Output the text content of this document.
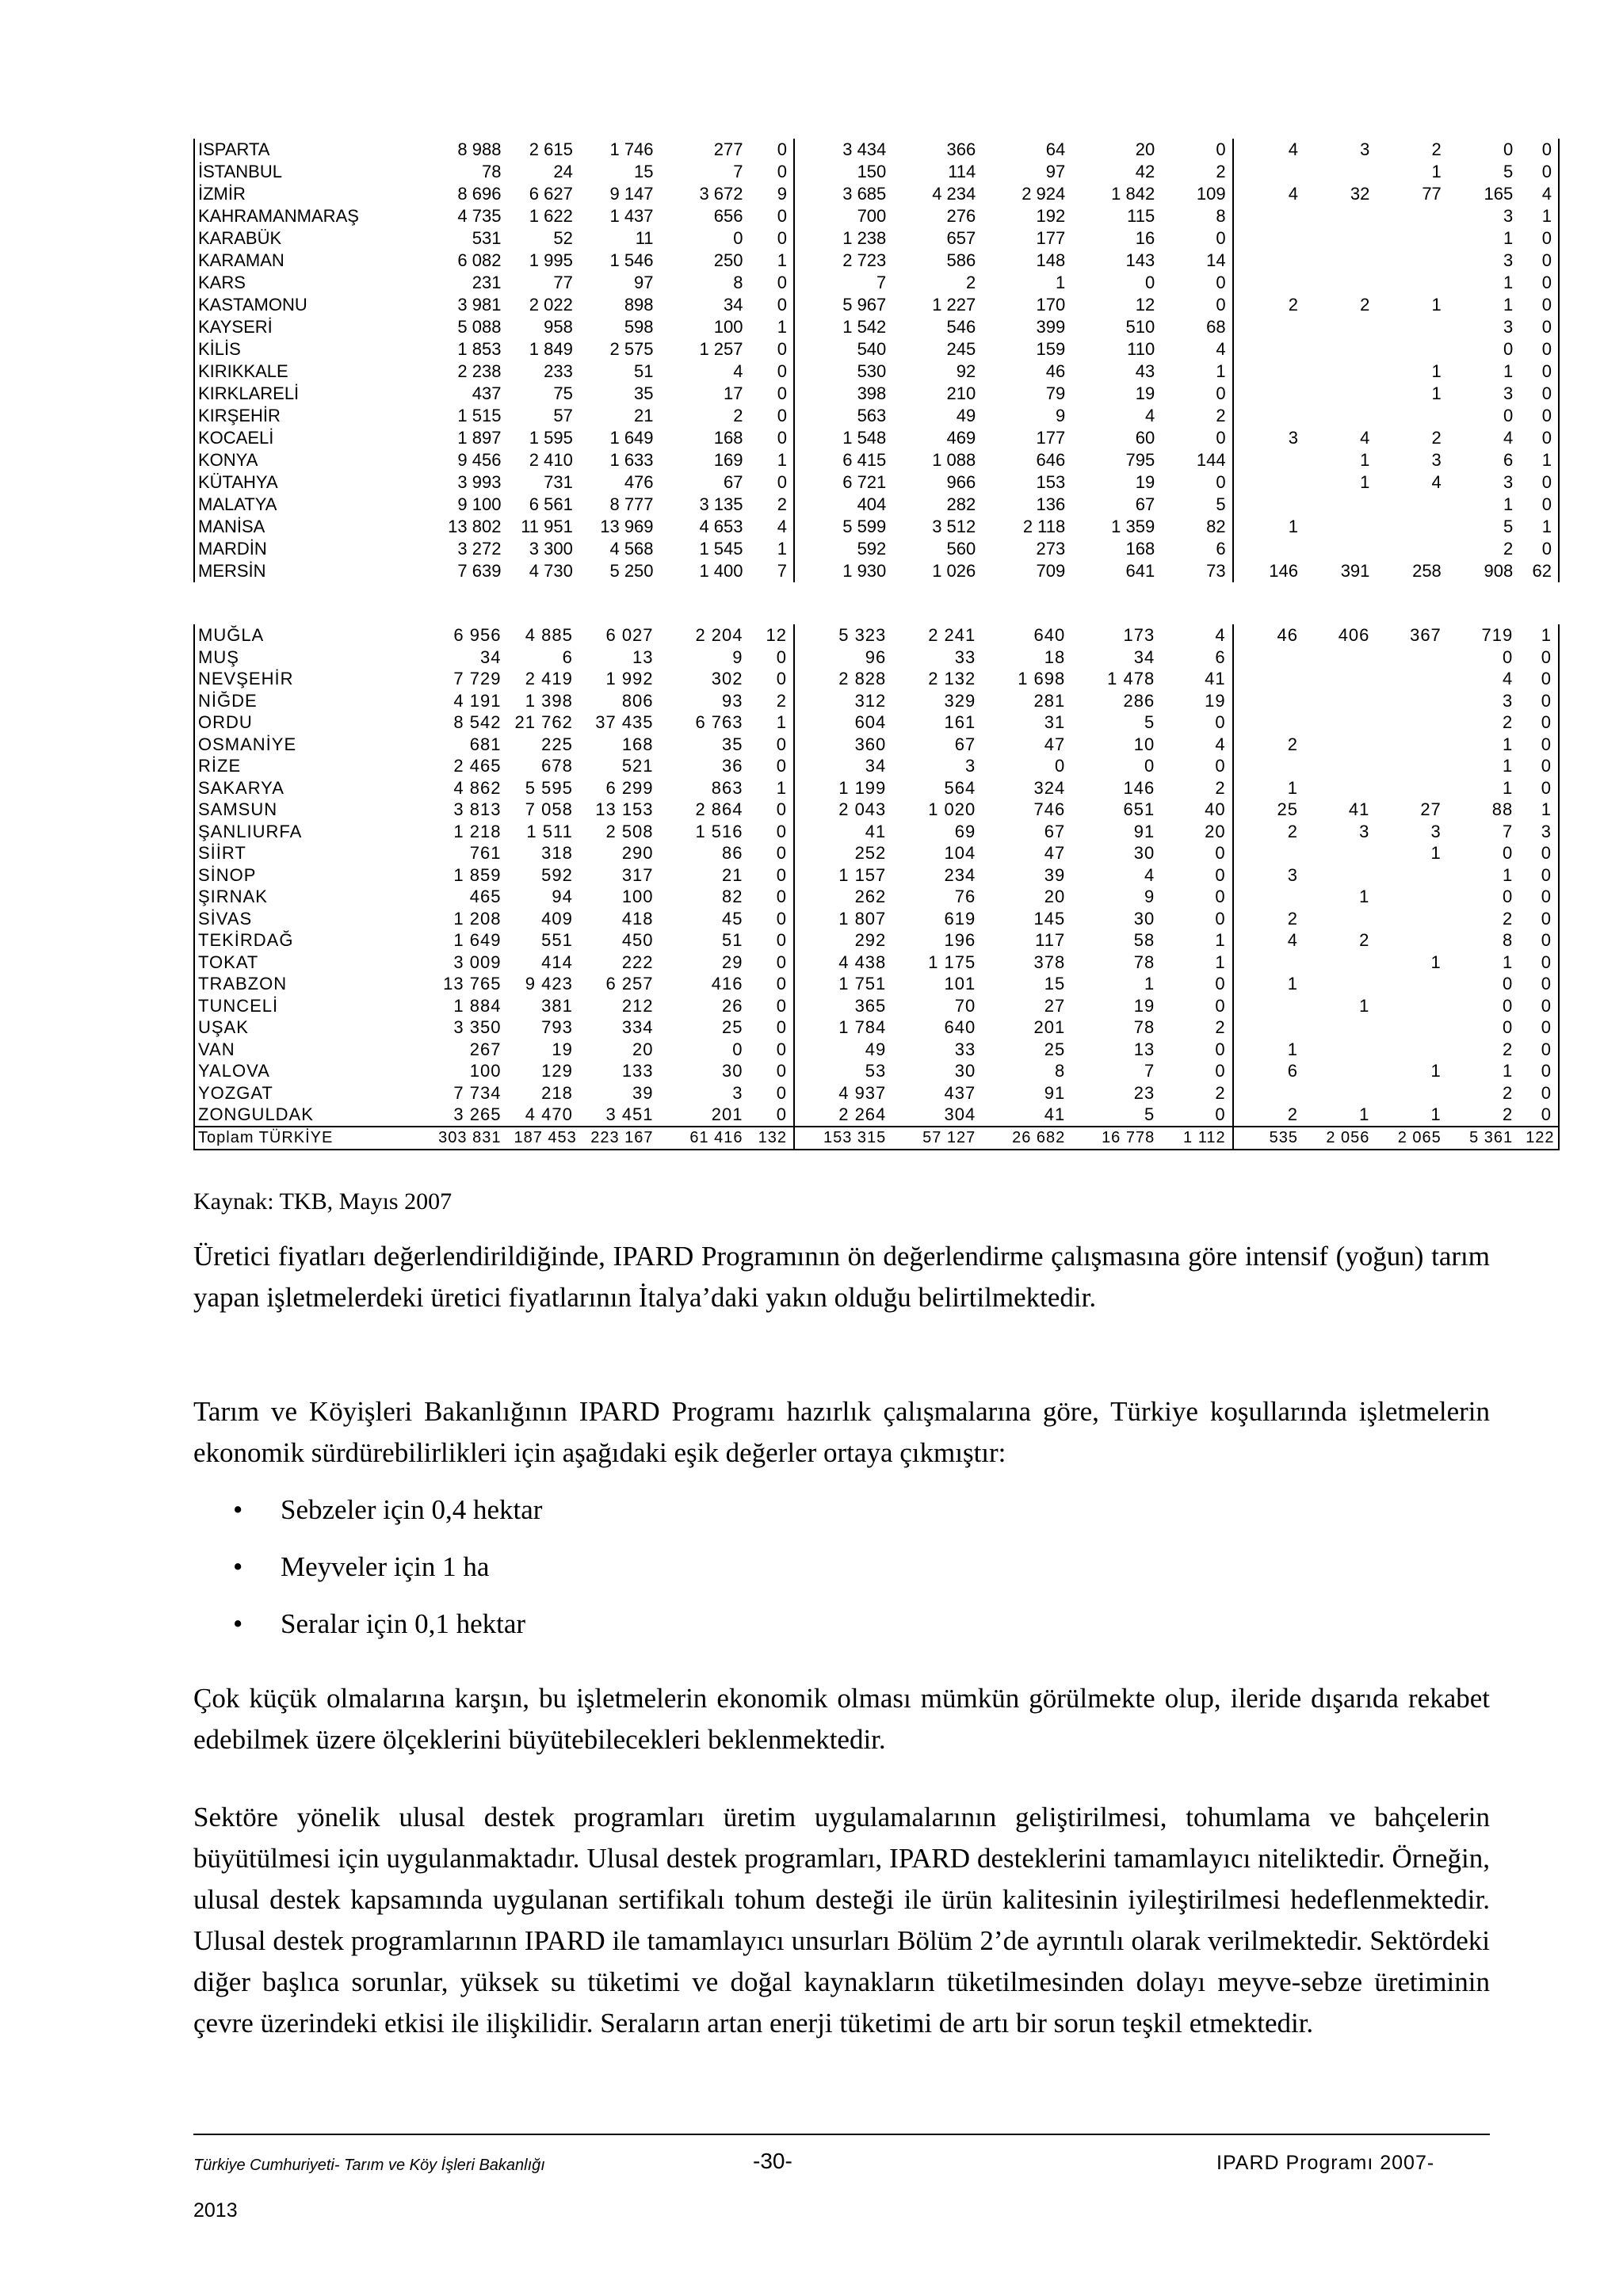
ISPARTA	8 988	2 615	1 746	277	0	3 434	366	64	20	0	4	3	2	0	0
İSTANBUL	78	24	15	7	0	150	114	97	42	2			1	5	0
İZMİR	8 696	6 627	9 147	3 672	9	3 685	4 234	2 924	1 842	109	4	32	77	165	4
KAHRAMANMARAŞ	4 735	1 622	1 437	656	0	700	276	192	115	8				3	1
KARABÜK	531	52	11	0	0	1 238	657	177	16	0				1	0
KARAMAN	6 082	1 995	1 546	250	1	2 723	586	148	143	14				3	0
KARS	231	77	97	8	0	7	2	1	0	0				1	0
KASTAMONU	3 981	2 022	898	34	0	5 967	1 227	170	12	0	2	2	1	1	0
KAYSERİ	5 088	958	598	100	1	1 542	546	399	510	68				3	0
KİLİS	1 853	1 849	2 575	1 257	0	540	245	159	110	4				0	0
KIRIKKALE	2 238	233	51	4	0	530	92	46	43	1			1	1	0
KIRKLARELİ	437	75	35	17	0	398	210	79	19	0			1	3	0
KIRŞEHİR	1 515	57	21	2	0	563	49	9	4	2				0	0
KOCAELİ	1 897	1 595	1 649	168	0	1 548	469	177	60	0	3	4	2	4	0
KONYA	9 456	2 410	1 633	169	1	6 415	1 088	646	795	144		1	3	6	1
KÜTAHYA	3 993	731	476	67	0	6 721	966	153	19	0		1	4	3	0
MALATYA	9 100	6 561	8 777	3 135	2	404	282	136	67	5				1	0
MANİSA	13 802	11 951	13 969	4 653	4	5 599	3 512	2 118	1 359	82	1			5	1
MARDİN	3 272	3 300	4 568	1 545	1	592	560	273	168	6				2	0
MERSİN	7 639	4 730	5 250	1 400	7	1 930	1 026	709	641	73	146	391	258	908	62
MUĞLA	6 956	4 885	6 027	2 204	12	5 323	2 241	640	173	4	46	406	367	719	1
MUŞ	34	6	13	9	0	96	33	18	34	6				0	0
NEVŞEHİR	7 729	2 419	1 992	302	0	2 828	2 132	1 698	1 478	41				4	0
NİĞDE	4 191	1 398	806	93	2	312	329	281	286	19				3	0
ORDU	8 542	21 762	37 435	6 763	1	604	161	31	5	0				2	0
OSMANİYE	681	225	168	35	0	360	67	47	10	4	2			1	0
RİZE	2 465	678	521	36	0	34	3	0	0	0				1	0
SAKARYA	4 862	5 595	6 299	863	1	1 199	564	324	146	2	1			1	0
SAMSUN	3 813	7 058	13 153	2 864	0	2 043	1 020	746	651	40	25	41	27	88	1
ŞANLIURFA	1 218	1 511	2 508	1 516	0	41	69	67	91	20	2	3	3	7	3
SİİRT	761	318	290	86	0	252	104	47	30	0			1	0	0
SİNOP	1 859	592	317	21	0	1 157	234	39	4	0	3			1	0
ŞIRNAK	465	94	100	82	0	262	76	20	9	0		1		0	0
SİVAS	1 208	409	418	45	0	1 807	619	145	30	0	2			2	0
TEKİRDAĞ	1 649	551	450	51	0	292	196	117	58	1	4	2		8	0
TOKAT	3 009	414	222	29	0	4 438	1 175	378	78	1			1	1	0
TRABZON	13 765	9 423	6 257	416	0	1 751	101	15	1	0	1			0	0
TUNCELİ	1 884	381	212	26	0	365	70	27	19	0		1		0	0
UŞAK	3 350	793	334	25	0	1 784	640	201	78	2				0	0
VAN	267	19	20	0	0	49	33	25	13	0	1			2	0
YALOVA	100	129	133	30	0	53	30	8	7	0	6		1	1	0
YOZGAT	7 734	218	39	3	0	4 937	437	91	23	2				2	0
ZONGULDAK	3 265	4 470	3 451	201	0	2 264	304	41	5	0	2	1	1	2	0
Toplam TÜRKİYE	303 831	187 453	223 167	61 416	132	153 315	57 127	26 682	16 778	1 112	535	2 056	2 065	5 361	122
Kaynak: TKB, Mayıs 2007

Üretici fiyatları değerlendirildiğinde, IPARD Programının ön değerlendirme çalışmasına göre intensif (yoğun) tarım yapan işletmelerdeki üretici fiyatlarının İtalya’daki yakın olduğu belirtilmektedir.

Tarım ve Köyişleri Bakanlığının IPARD Programı hazırlık çalışmalarına göre, Türkiye koşullarında işletmelerin ekonomik sürdürebilirlikleri için aşağıdaki eşik değerler ortaya çıkmıştır:

• Sebzeler için 0,4 hektar
• Meyveler için 1 ha
• Seralar için 0,1 hektar

Çok küçük olmalarına karşın, bu işletmelerin ekonomik olması mümkün görülmekte olup, ileride dışarıda rekabet edebilmek üzere ölçeklerini büyütebilecekleri beklenmektedir.

Sektöre yönelik ulusal destek programları üretim uygulamalarının geliştirilmesi, tohumlama ve bahçelerin büyütülmesi için uygulanmaktadır. Ulusal destek programları, IPARD desteklerini tamamlayıcı niteliktedir. Örneğin, ulusal destek kapsamında uygulanan sertifikalı tohum desteği ile ürün kalitesinin iyileştirilmesi hedeflenmektedir. Ulusal destek programlarının IPARD ile tamamlayıcı unsurları Bölüm 2’de ayrıntılı olarak verilmektedir. Sektördeki diğer başlıca sorunlar, yüksek su tüketimi ve doğal kaynakların tüketilmesinden dolayı meyve-sebze üretiminin çevre üzerindeki etkisi ile ilişkilidir. Seraların artan enerji tüketimi de artı bir sorun teşkil etmektedir.

Türkiye Cumhuriyeti- Tarım ve Köy İşleri Bakanlığı	-30-	IPARD Programı 2007-
2013
